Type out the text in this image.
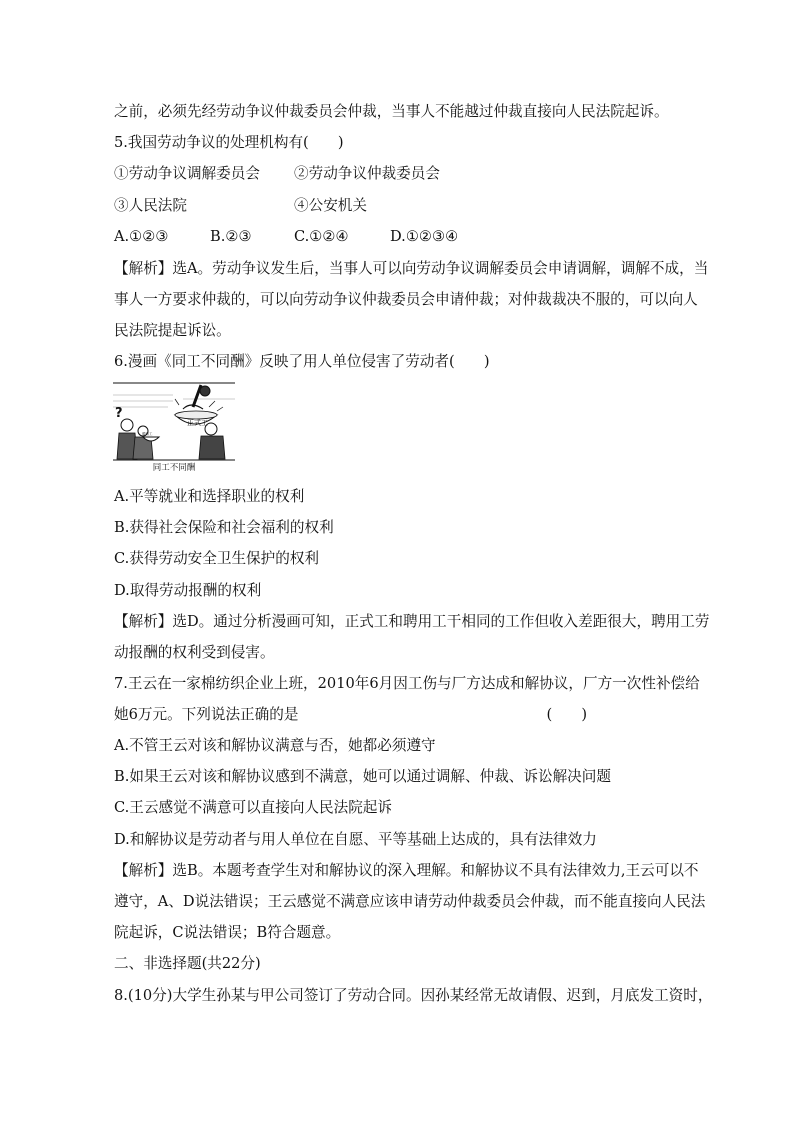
之前，必须先经劳动争议仲裁委员会仲裁，当事人不能越过仲裁直接向人民法院起诉。
5.我国劳动争议的处理机构有(　　)
①劳动争议调解委员会	②劳动争议仲裁委员会
③人民法院	④公安机关
A.①②③	B.②③	C.①②④	D.①②③④
【解析】选A。劳动争议发生后，当事人可以向劳动争议调解委员会申请调解，调解不成，当
事人一方要求仲裁的，可以向劳动争议仲裁委员会申请仲裁；对仲裁裁决不服的，可以向人
民法院提起诉讼。
6.漫画《同工不同酬》反映了用人单位侵害了劳动者(　　)
?
聘用工
正式工
同工不同酬
A.平等就业和选择职业的权利
B.获得社会保险和社会福利的权利
C.获得劳动安全卫生保护的权利
D.取得劳动报酬的权利
【解析】选D。通过分析漫画可知，正式工和聘用工干相同的工作但收入差距很大，聘用工劳
动报酬的权利受到侵害。
7.王云在一家棉纺织企业上班，2010年6月因工伤与厂方达成和解协议，厂方一次性补偿给
她6万元。下列说法正确的是　　　　　　　　　　　　　　　　　(　　)
A.不管王云对该和解协议满意与否，她都必须遵守
B.如果王云对该和解协议感到不满意，她可以通过调解、仲裁、诉讼解决问题
C.王云感觉不满意可以直接向人民法院起诉
D.和解协议是劳动者与用人单位在自愿、平等基础上达成的，具有法律效力
【解析】选B。本题考查学生对和解协议的深入理解。和解协议不具有法律效力,王云可以不
遵守，A、D说法错误；王云感觉不满意应该申请劳动仲裁委员会仲裁，而不能直接向人民法
院起诉，C说法错误；B符合题意。
二、非选择题(共22分)
8.(10分)大学生孙某与甲公司签订了劳动合同。因孙某经常无故请假、迟到，月底发工资时，
